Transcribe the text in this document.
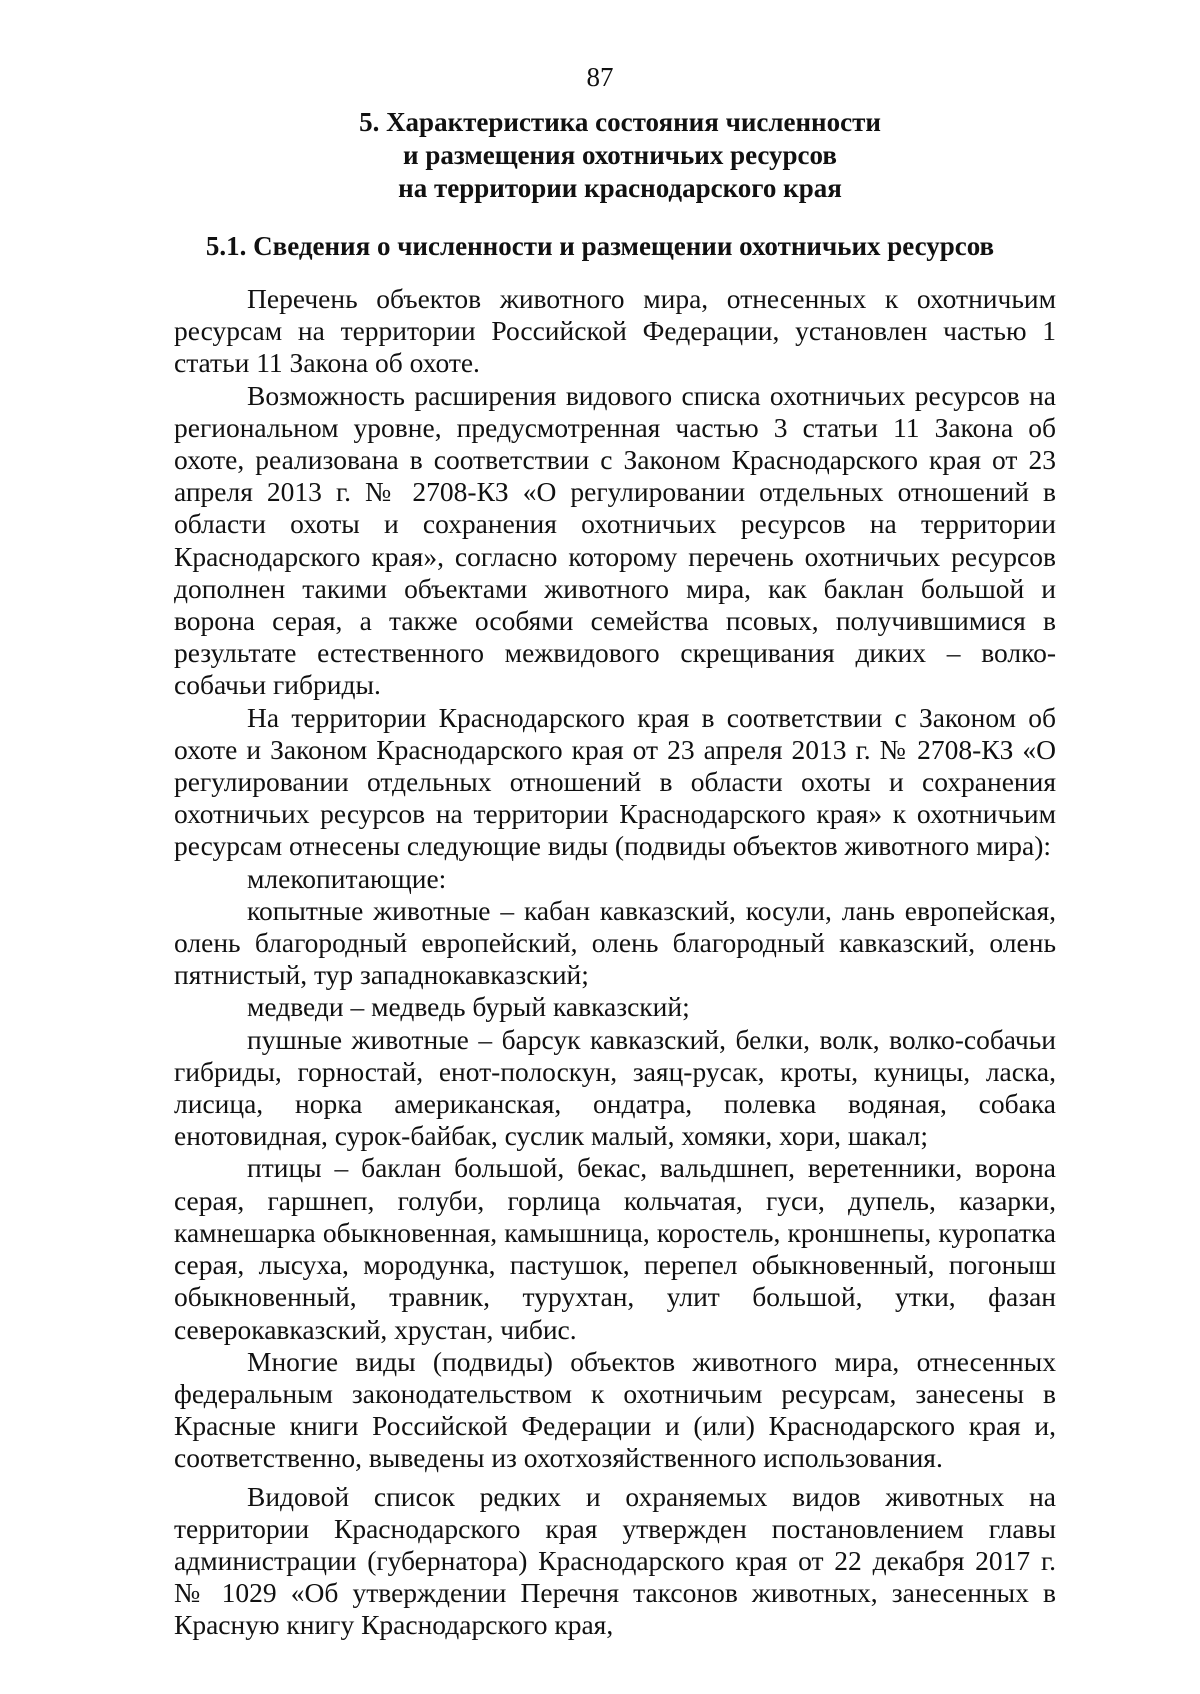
87
5. Характеристика состояния численности
и размещения охотничьих ресурсов
на территории краснодарского края
5.1. Сведения о численности и размещении охотничьих ресурсов

Перечень объектов животного мира, отнесенных к охотничьим ресурсам на территории Российской Федерации, установлен частью 1 статьи 11 Закона об охоте.

Возможность расширения видового списка охотничьих ресурсов на региональном уровне, предусмотренная частью 3 статьи 11 Закона об охоте, реализована в соответствии с Законом Краснодарского края от 23 апреля 2013 г. № 2708-КЗ «О регулировании отдельных отношений в области охоты и сохранения охотничьих ресурсов на территории Краснодарского края», согласно которому перечень охотничьих ресурсов дополнен такими объектами животного мира, как баклан большой и ворона серая, а также особями семейства псовых, получившимися в результате естественного межвидового скрещивания диких – волко-собачьи гибриды.

На территории Краснодарского края в соответствии с Законом об охоте и Законом Краснодарского края от 23 апреля 2013 г. № 2708-КЗ «О регулировании отдельных отношений в области охоты и сохранения охотничьих ресурсов на территории Краснодарского края» к охотничьим ресурсам отнесены следующие виды (подвиды объектов животного мира):

млекопитающие:

копытные животные – кабан кавказский, косули, лань европейская, олень благородный европейский, олень благородный кавказский, олень пятнистый, тур западнокавказский;

медведи – медведь бурый кавказский;

пушные животные – барсук кавказский, белки, волк, волко-собачьи гибриды, горностай, енот-полоскун, заяц-русак, кроты, куницы, ласка, лисица, норка американская, ондатра, полевка водяная, собака енотовидная, сурок-байбак, суслик малый, хомяки, хори, шакал;

птицы – баклан большой, бекас, вальдшнеп, веретенники, ворона серая, гаршнеп, голуби, горлица кольчатая, гуси, дупель, казарки, камнешарка обыкновенная, камышница, коростель, кроншнепы, куропатка серая, лысуха, мородунка, пастушок, перепел обыкновенный, погоныш обыкновенный, травник, турухтан, улит большой, утки, фазан северокавказский, хрустан, чибис.

Многие виды (подвиды) объектов животного мира, отнесенных федеральным законодательством к охотничьим ресурсам, занесены в Красные книги Российской Федерации и (или) Краснодарского края и, соответственно, выведены из охотхозяйственного использования.

Видовой список редких и охраняемых видов животных на территории Краснодарского края утвержден постановлением главы администрации (губернатора) Краснодарского края от 22 декабря 2017 г. № 1029 «Об утверждении Перечня таксонов животных, занесенных в Красную книгу Краснодарского края,
